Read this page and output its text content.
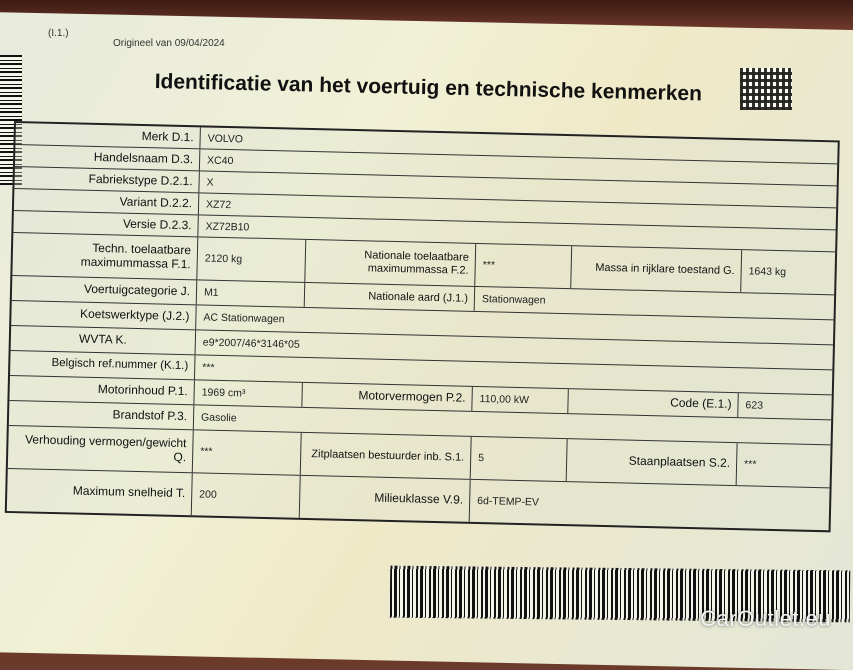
(I.1.)
Origineel van 09/04/2024
Identificatie van het voertuig en technische kenmerken
Merk D.1.	VOLVO
Handelsnaam D.3.	XC40
Fabriekstype D.2.1.	X
Variant D.2.2.	XZ72
Versie D.2.3.	XZ72B10
Techn. toelaatbare maximummassa F.1.	2120 kg	Nationale toelaatbare maximummassa F.2.	***	Massa in rijklare toestand G.	1643 kg
Voertuigcategorie J.	M1	Nationale aard (J.1.)	Stationwagen
Koetswerktype (J.2.)	AC Stationwagen
WVTA K.	e9*2007/46*3146*05
Belgisch ref.nummer (K.1.)	***
Motorinhoud P.1.	1969 cm³	Motorvermogen P.2.	110,00 kW	Code (E.1.)	623
Brandstof P.3.	Gasolie
Verhouding vermogen/gewicht Q.	***	Zitplaatsen bestuurder inb. S.1.	5	Staanplaatsen S.2.	***
Maximum snelheid T.	200	Milieuklasse V.9.	6d-TEMP-EV
CarOutlet.eu
